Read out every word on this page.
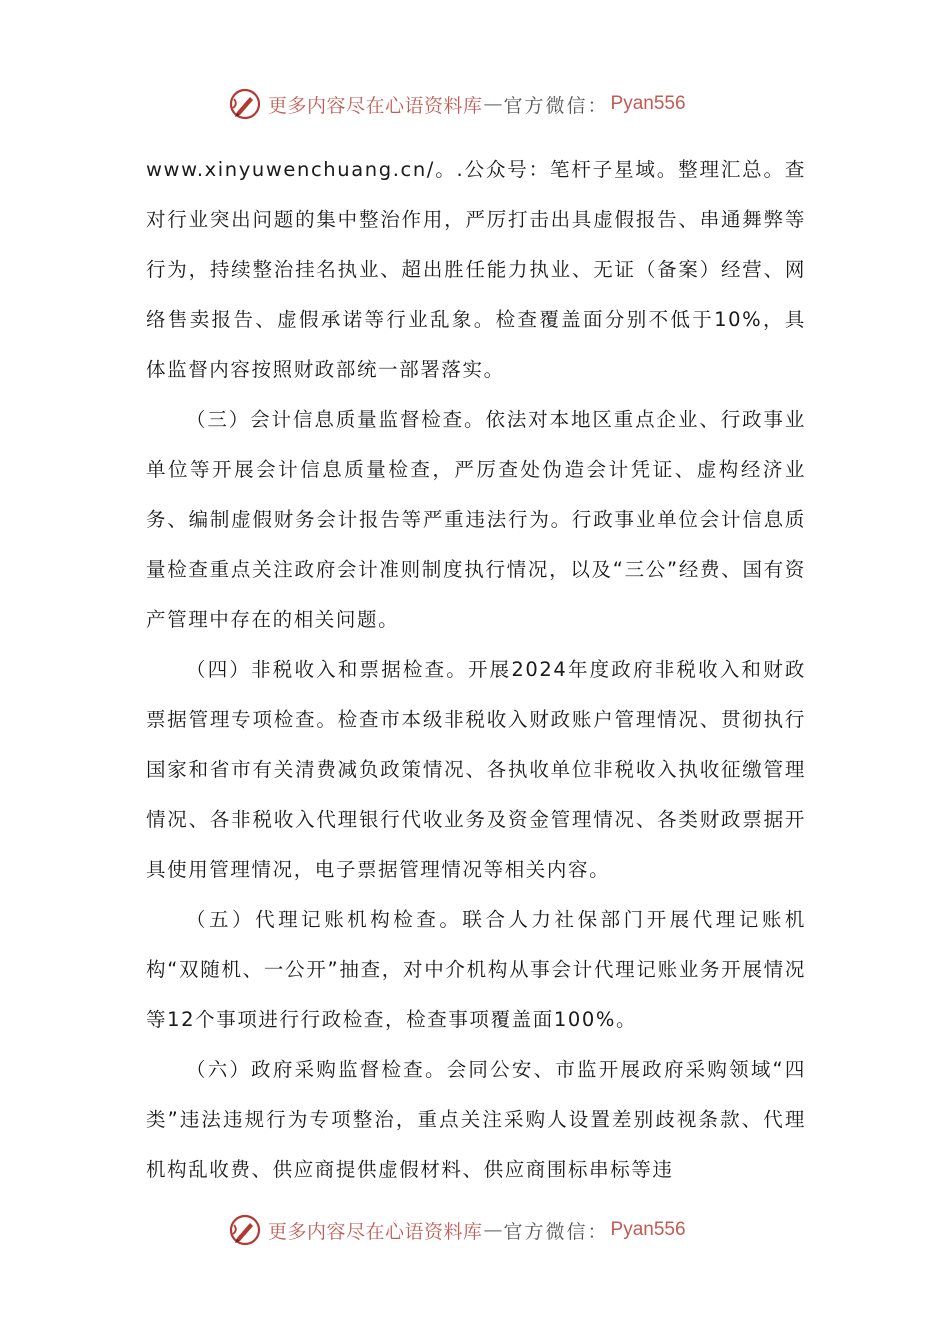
更多内容尽在心语资料库 — 官方微信： Pyan556

www.xinyuwenchuang.cn/。.公众号：笔杆子星域。整理汇总。查对行业突出问题的集中整治作用，严厉打击出具虚假报告、串通舞弊等行为，持续整治挂名执业、超出胜任能力执业、无证（备案）经营、网络售卖报告、虚假承诺等行业乱象。检查覆盖面分别不低于10%，具体监督内容按照财政部统一部署落实。

（三）会计信息质量监督检查。依法对本地区重点企业、行政事业单位等开展会计信息质量检查，严厉查处伪造会计凭证、虚构经济业务、编制虚假财务会计报告等严重违法行为。行政事业单位会计信息质量检查重点关注政府会计准则制度执行情况，以及“三公”经费、国有资产管理中存在的相关问题。

（四）非税收入和票据检查。开展2024年度政府非税收入和财政票据管理专项检查。检查市本级非税收入财政账户管理情况、贯彻执行国家和省市有关清费减负政策情况、各执收单位非税收入执收征缴管理情况、各非税收入代理银行代收业务及资金管理情况、各类财政票据开具使用管理情况，电子票据管理情况等相关内容。

（五）代理记账机构检查。联合人力社保部门开展代理记账机构“双随机、一公开”抽查，对中介机构从事会计代理记账业务开展情况等12个事项进行行政检查，检查事项覆盖面100%。

（六）政府采购监督检查。会同公安、市监开展政府采购领域“四类”违法违规行为专项整治，重点关注采购人设置差别歧视条款、代理机构乱收费、供应商提供虚假材料、供应商围标串标等违

更多内容尽在心语资料库 — 官方微信： Pyan556
